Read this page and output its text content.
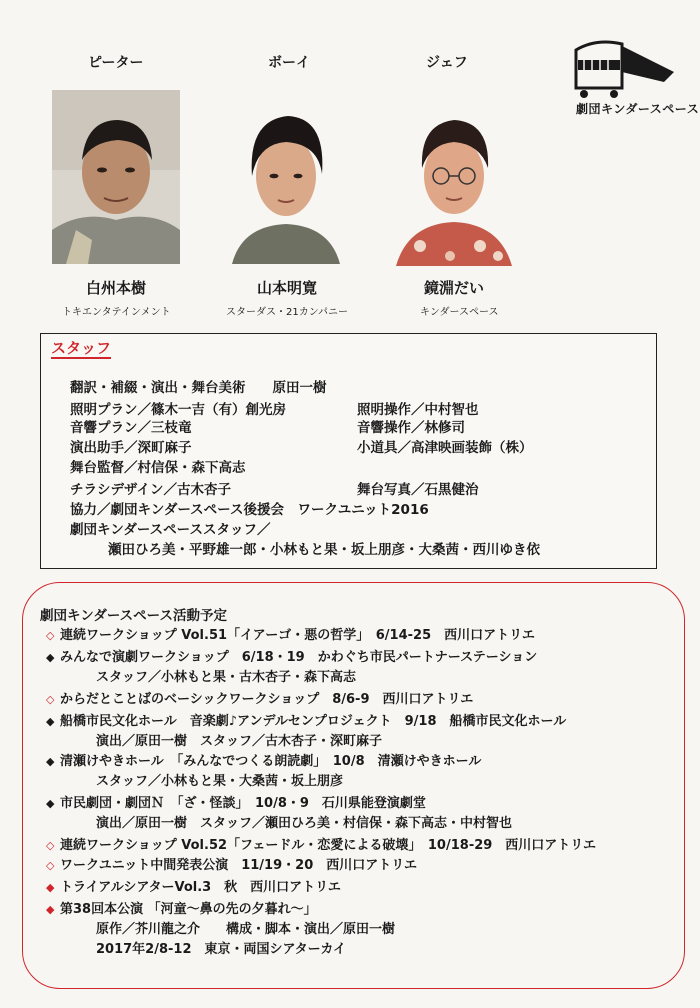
ピーター	ボーイ	ジェフ
白州本樹	山本明寛	鏡淵だい
トキエンタテインメント	スターダス・21カンパニー	キンダースペース
劇団キンダースペース
スタッフ
翻訳・補綴・演出・舞台美術　　原田一樹
照明プラン／篠木一吉（有）創光房
音響プラン／三枝竜
演出助手／深町麻子
舞台監督／村信保・森下高志
チラシデザイン／古木杏子
協力／劇団キンダースペース後援会　ワークユニット2016
劇団キンダースペーススタッフ／
瀬田ひろ美・平野雄一郎・小林もと果・坂上朋彦・大桑茜・西川ゆき依
照明操作／中村智也
音響操作／林修司
小道具／高津映画装飾（株）
舞台写真／石黒健治
劇団キンダースペース活動予定
◇ 連続ワークショップ Vol.51「イアーゴ・悪の哲学」　6/14-25　西川口アトリエ
◆ みんなで演劇ワークショップ　6/18・19　かわぐち市民パートナーステーション
スタッフ／小林もと果・古木杏子・森下高志
◇ からだとことばのベーシックワークショップ　8/6-9　西川口アトリエ
◆ 船橋市民文化ホール　音楽劇♪アンデルセンプロジェクト　9/18　船橋市民文化ホール
演出／原田一樹　スタッフ／古木杏子・深町麻子
◆ 清瀬けやきホール　「みんなでつくる朗読劇」　10/8　清瀬けやきホール
スタッフ／小林もと果・大桑茜・坂上朋彦
◆ 市民劇団・劇団Ｎ　「ざ・怪談」　10/8・9　石川県能登演劇堂
演出／原田一樹　スタッフ／瀬田ひろ美・村信保・森下高志・中村智也
◇ 連続ワークショップ Vol.52「フェードル・恋愛による破壊」　10/18-29　西川口アトリエ
◇ ワークユニット中間発表公演　11/19・20　西川口アトリエ
◆ トライアルシアターVol.3　秋　西川口アトリエ
◆ 第38回本公演 「河童〜鼻の先の夕暮れ〜」
原作／芥川龍之介　　構成・脚本・演出／原田一樹
2017年2/8-12　東京・両国シアターカイ
